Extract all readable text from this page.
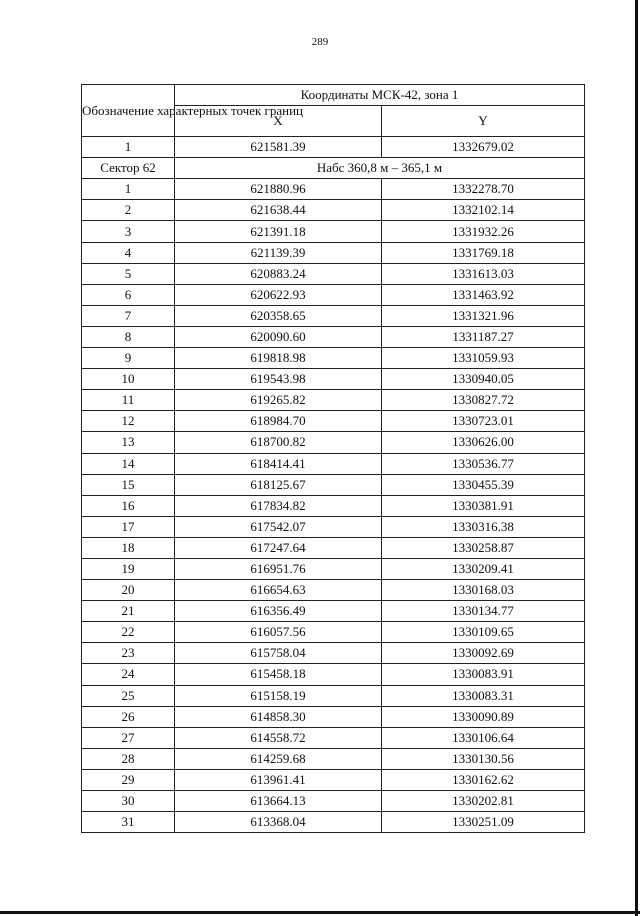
289
Обозначение характерных точек границ	Координаты МСК-42, зона 1	
	X	Y
1	621581.39	1332679.02
Сектор 62	Набс 360,8 м – 365,1 м	
1	621880.96	1332278.70
2	621638.44	1332102.14
3	621391.18	1331932.26
4	621139.39	1331769.18
5	620883.24	1331613.03
6	620622.93	1331463.92
7	620358.65	1331321.96
8	620090.60	1331187.27
9	619818.98	1331059.93
10	619543.98	1330940.05
11	619265.82	1330827.72
12	618984.70	1330723.01
13	618700.82	1330626.00
14	618414.41	1330536.77
15	618125.67	1330455.39
16	617834.82	1330381.91
17	617542.07	1330316.38
18	617247.64	1330258.87
19	616951.76	1330209.41
20	616654.63	1330168.03
21	616356.49	1330134.77
22	616057.56	1330109.65
23	615758.04	1330092.69
24	615458.18	1330083.91
25	615158.19	1330083.31
26	614858.30	1330090.89
27	614558.72	1330106.64
28	614259.68	1330130.56
29	613961.41	1330162.62
30	613664.13	1330202.81
31	613368.04	1330251.09
